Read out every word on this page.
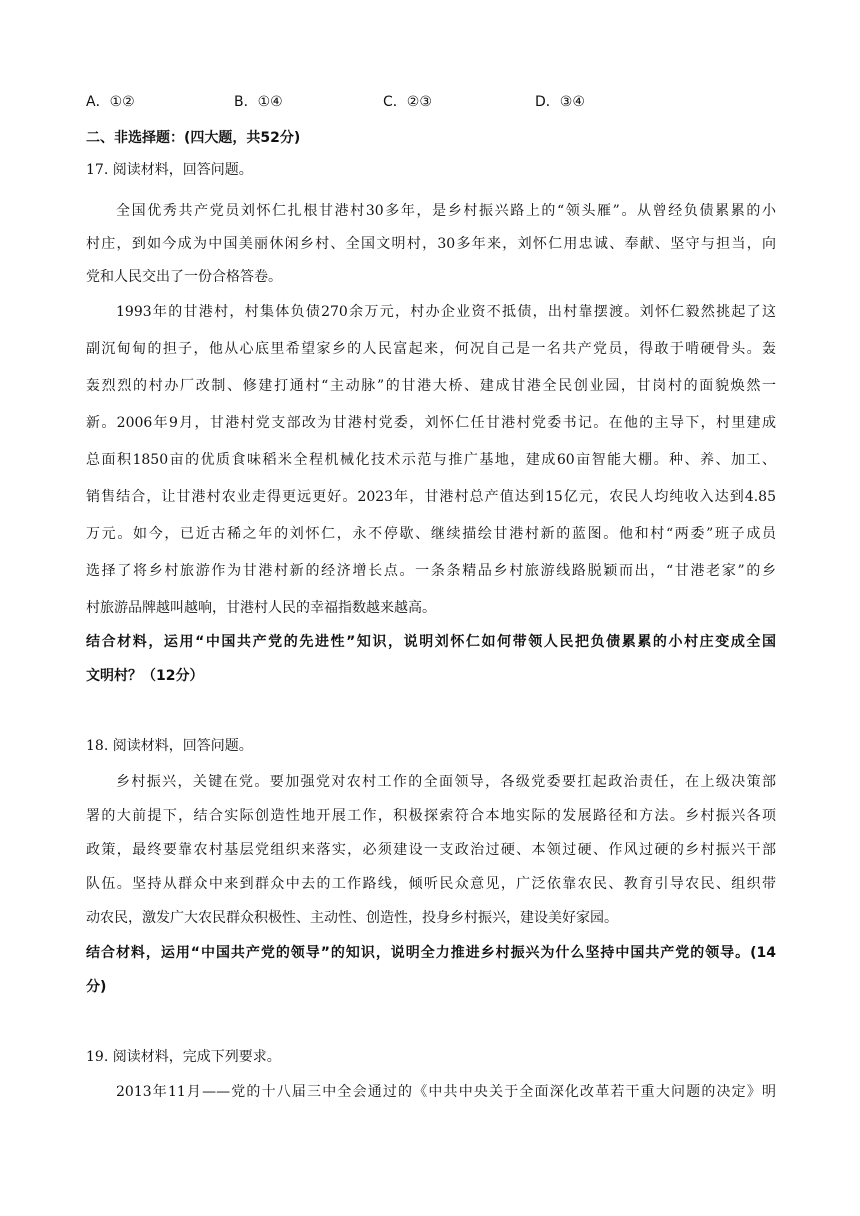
A．①②	B．①④	C．②③	D．③④
二、非选择题：(四大题，共52分)
17. 阅读材料，回答问题。
全国优秀共产党员刘怀仁扎根甘港村30多年，是乡村振兴路上的“领头雁”。从曾经负债累累的小
村庄，到如今成为中国美丽休闲乡村、全国文明村，30多年来，刘怀仁用忠诚、奉献、坚守与担当，向
党和人民交出了一份合格答卷。
1993年的甘港村，村集体负债270余万元，村办企业资不抵债，出村靠摆渡。刘怀仁毅然挑起了这
副沉甸甸的担子，他从心底里希望家乡的人民富起来，何况自己是一名共产党员，得敢于啃硬骨头。轰
轰烈烈的村办厂改制、修建打通村“主动脉”的甘港大桥、建成甘港全民创业园，甘岗村的面貌焕然一
新。2006年9月，甘港村党支部改为甘港村党委，刘怀仁任甘港村党委书记。在他的主导下，村里建成
总面积1850亩的优质食味稻米全程机械化技术示范与推广基地，建成60亩智能大棚。种、养、加工、
销售结合，让甘港村农业走得更远更好。2023年，甘港村总产值达到15亿元，农民人均纯收入达到4.85
万元。如今，已近古稀之年的刘怀仁，永不停歇、继续描绘甘港村新的蓝图。他和村“两委”班子成员
选择了将乡村旅游作为甘港村新的经济增长点。一条条精品乡村旅游线路脱颖而出，“甘港老家”的乡
村旅游品牌越叫越响，甘港村人民的幸福指数越来越高。
结合材料，运用“中国共产党的先进性”知识，说明刘怀仁如何带领人民把负债累累的小村庄变成全国
文明村？（12分）
18. 阅读材料，回答问题。
乡村振兴，关键在党。要加强党对农村工作的全面领导，各级党委要扛起政治责任，在上级决策部
署的大前提下，结合实际创造性地开展工作，积极探索符合本地实际的发展路径和方法。乡村振兴各项
政策，最终要靠农村基层党组织来落实，必须建设一支政治过硬、本领过硬、作风过硬的乡村振兴干部
队伍。坚持从群众中来到群众中去的工作路线，倾听民众意见，广泛依靠农民、教育引导农民、组织带
动农民，激发广大农民群众积极性、主动性、创造性，投身乡村振兴，建设美好家园。
结合材料，运用“中国共产党的领导”的知识，说明全力推进乡村振兴为什么坚持中国共产党的领导。(14
分)
19. 阅读材料，完成下列要求。
2013年11月——党的十八届三中全会通过的《中共中央关于全面深化改革若干重大问题的决定》明
